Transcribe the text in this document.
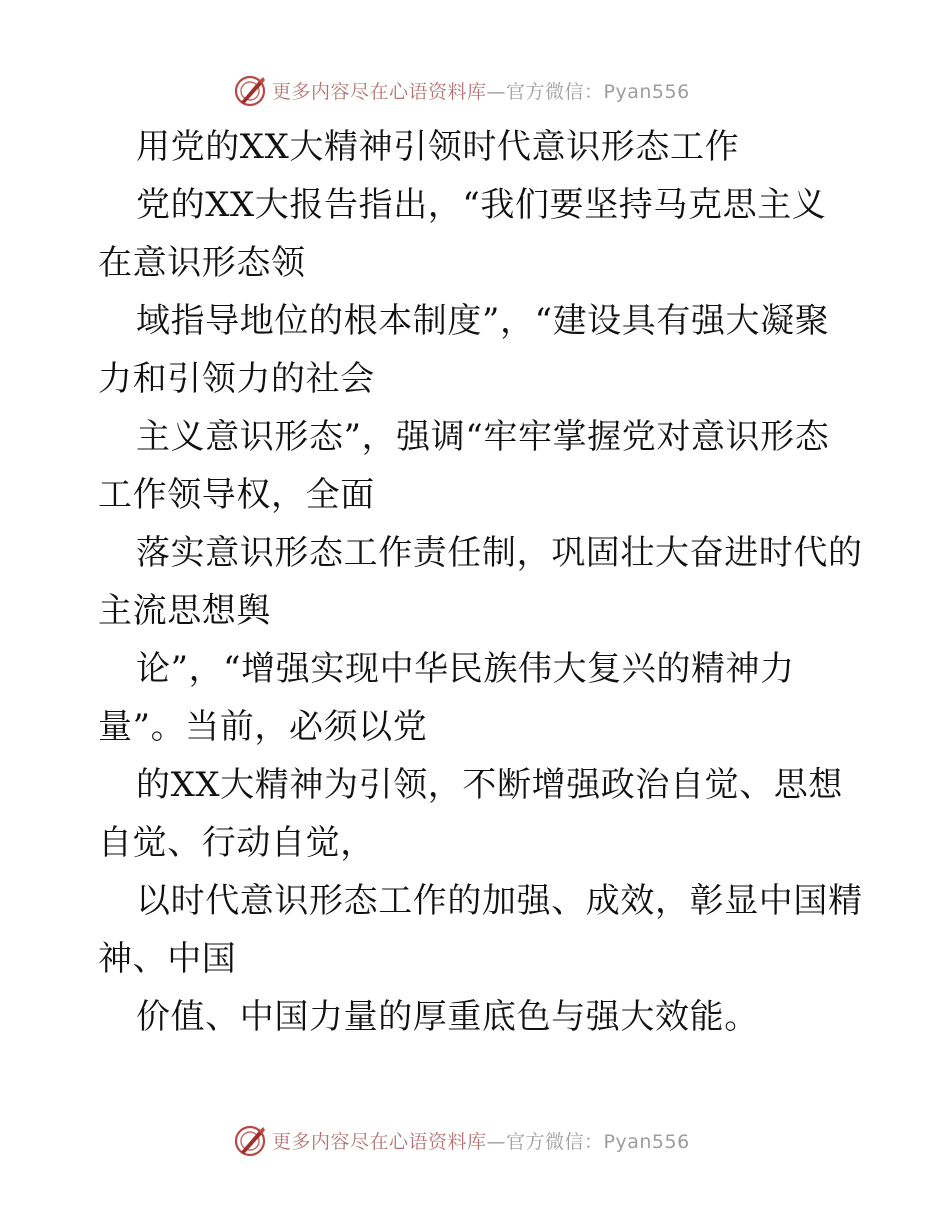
更多内容尽在心语资料库—官方微信：Pyan556
用党的XX大精神引领时代意识形态工作
党的XX大报告指出，“我们要坚持马克思主义
在意识形态领
域指导地位的根本制度”，“建设具有强大凝聚
力和引领力的社会
主义意识形态”，强调“牢牢掌握党对意识形态
工作领导权，全面
落实意识形态工作责任制，巩固壮大奋进时代的
主流思想舆
论”，“增强实现中华民族伟大复兴的精神力
量”。当前，必须以党
的XX大精神为引领，不断增强政治自觉、思想
自觉、行动自觉，
以时代意识形态工作的加强、成效，彰显中国精
神、中国
价值、中国力量的厚重底色与强大效能。
更多内容尽在心语资料库—官方微信：Pyan556
